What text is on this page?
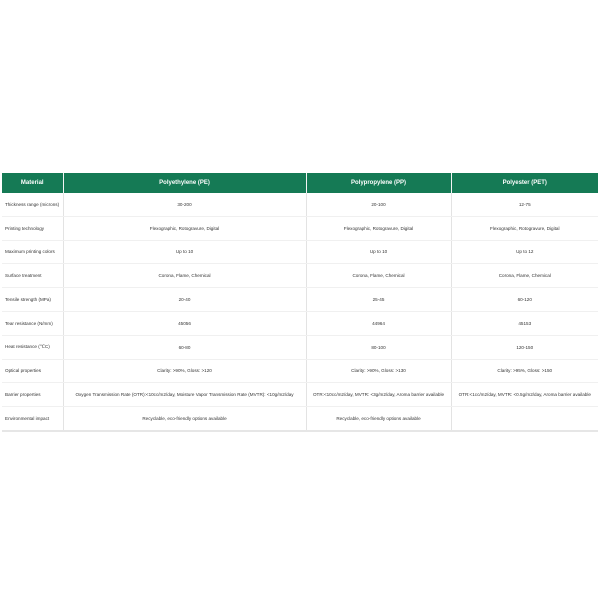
Material	Polyethylene (PE)	Polypropylene (PP)	Polyester (PET)
Thickness range (microns)	30-200	20-100	12-75
Printing technology	Flexographic, Rotogravure, Digital	Flexographic, Rotogravure, Digital	Flexographic, Rotogravure, Digital
Maximum printing colors	Up to 10	Up to 10	Up to 12
Surface treatment	Corona, Flame, Chemical	Corona, Flame, Chemical	Corona, Flame, Chemical
Tensile strength (MPa)	20-40	25-45	60-120
Tear resistance (N/mm)	45056	44964	45153
Heat resistance (℃C)	60-80	80-100	120-150
Optical properties	Clarity: >90%, Gloss: >120	Clarity: >90%, Gloss: >130	Clarity: >95%, Gloss: >150
Barrier properties	Oxygen Transmission Rate (OTR):<10cc/m2/day, Moisture Vapor Transmission Rate (MVTR): <10g/m2/day	OTR:<10cc/m2/day, MVTR: <3g/m2/day, Aroma barrier available	OTR:<1cc/m2/day, MVTR: <0.5g/m2/day, Aroma barrier available
Environmental impact	Recyclable, eco-friendly options available	Recyclable, eco-friendly options available	
